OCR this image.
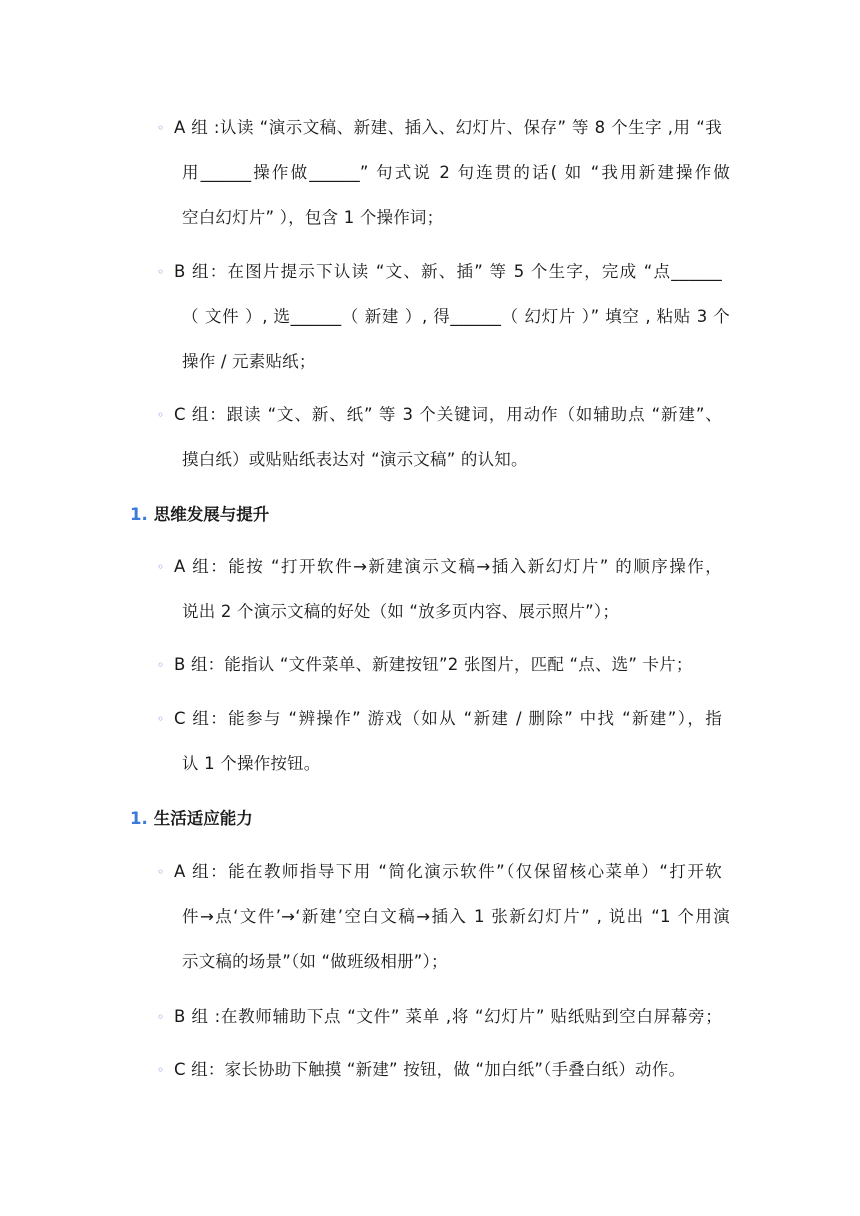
◦ A 组 :认读 “演示文稿、新建、插入、幻灯片、保存” 等 8 个生字 ,用 “我
用______操作做______” 句式说 2 句连贯的话( 如 “我用新建操作做
空白幻灯片” ），包含 1 个操作词；
◦ B 组：在图片提示下认读 “文、新、插” 等 5 个生字，完成 “点______
（ 文件 ）, 选______（ 新建 ）, 得______（ 幻灯片 ）” 填空 , 粘贴 3 个
操作 / 元素贴纸；
◦ C 组：跟读 “文、新、纸” 等 3 个关键词，用动作（如辅助点 “新建”、
摸白纸）或贴贴纸表达对 “演示文稿” 的认知。
1. 思维发展与提升
◦ A 组：能按 “打开软件→新建演示文稿→插入新幻灯片” 的顺序操作，
说出 2 个演示文稿的好处（如 “放多页内容、展示照片”）；
◦ B 组：能指认 “文件菜单、新建按钮”2 张图片，匹配 “点、选” 卡片；
◦ C 组：能参与 “辨操作” 游戏（如从 “新建 / 删除” 中找 “新建”），指
认 1 个操作按钮。
1. 生活适应能力
◦ A 组：能在教师指导下用 “简化演示软件”（仅保留核心菜单）“打开软
件→点‘文件’→‘新建’空白文稿→插入 1 张新幻灯片” , 说出 “1 个用演
示文稿的场景”（如 “做班级相册”）；
◦ B 组 :在教师辅助下点 “文件” 菜单 ,将 “幻灯片” 贴纸贴到空白屏幕旁；
◦ C 组：家长协助下触摸 “新建” 按钮，做 “加白纸”（手叠白纸）动作。
